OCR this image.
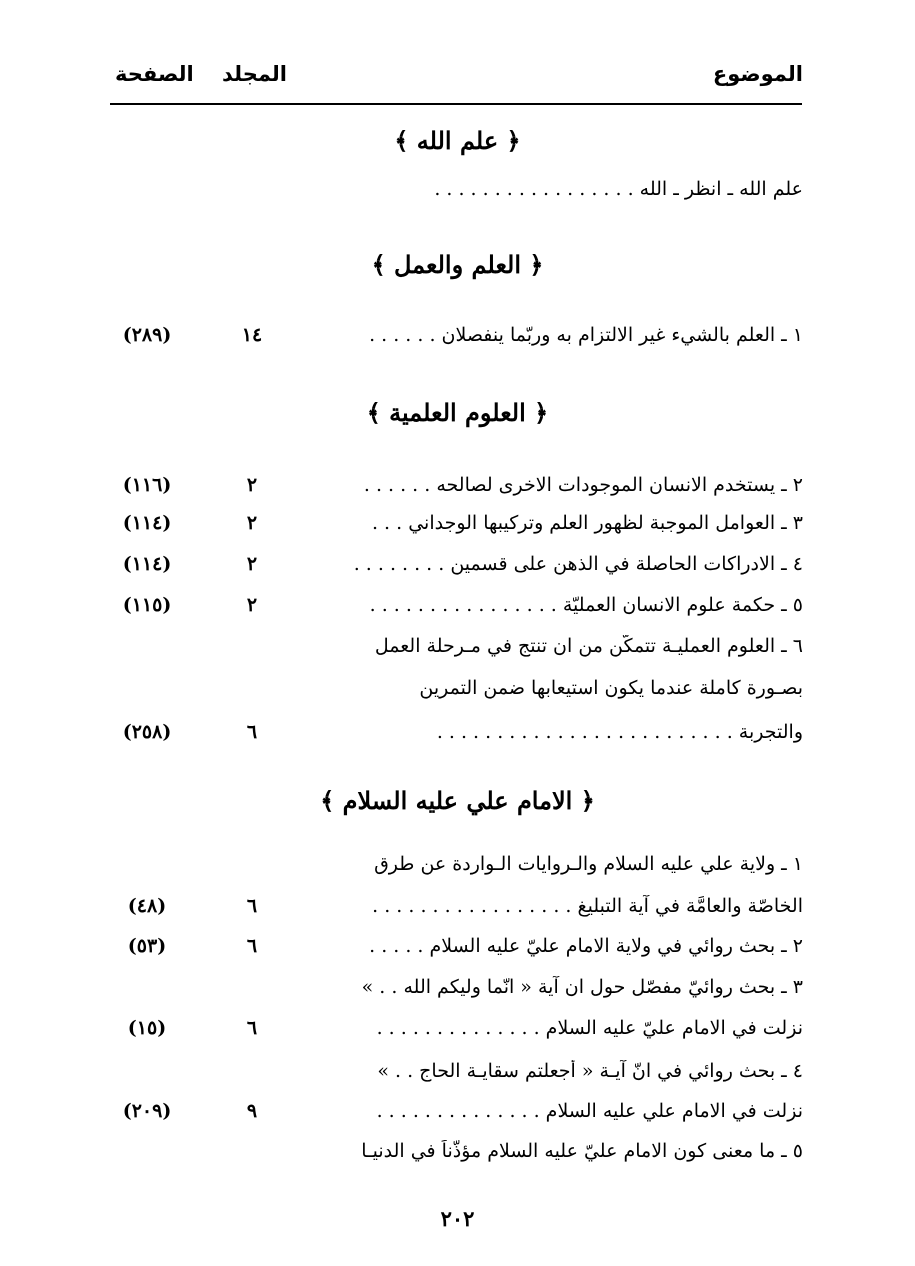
الموضوع
المجلد
الصفحة
﴿ علم الله ﴾
علم الله ـ انظر ـ الله . . . . . . . . . . . . . . . . .
﴿ العلم والعمل ﴾
١ ـ العلم بالشيء غير الالتزام به وربّما ينفصلان . . . . . .
١٤
(٢٨٩)
﴿ العلوم العلمية ﴾
٢ ـ يستخدم الانسان الموجودات الاخرى لصالحه . . . . . .
٢
(١١٦)
٣ ـ العوامل الموجبة لظهور العلم وتركيبها الوجداني . . .
٢
(١١٤)
٤ ـ الادراكات الحاصلة في الذهن على قسمين . . . . . . . .
٢
(١١٤)
٥ ـ حكمة علوم الانسان العمليّة . . . . . . . . . . . . . . . .
٢
(١١٥)
٦ ـ العلوم العمليـة تتمكّن من ان تنتج في مـرحلة العمل
بصـورة كاملة عندما يكون استيعابها ضمن التمرين
والتجربة . . . . . . . . . . . . . . . . . . . . . . . . .
٦
(٢٥٨)
﴿ الامام علي عليه السلام ﴾
١ ـ ولاية علي عليه السلام والـروايات الـواردة عن طرق
الخاصّة والعامَّة في آية التبليغ . . . . . . . . . . . . . . . . .
٦
(٤٨)
٢ ـ بحث روائي في ولاية الامام عليّ عليه السلام . . . . .
٦
(٥٣)
٣ ـ بحث روائيّ مفصّل حول ان آية « انّما وليكم الله . . »
نزلت في الامام عليّ عليه السلام . . . . . . . . . . . . . .
٦
(١٥)
٤ ـ بحث روائي في انّ آيـة « أجعلتم سقايـة الحاج . . »
نزلت في الامام علي عليه السلام . . . . . . . . . . . . . .
٩
(٢٠٩)
٥ ـ ما معنى كون الامام عليّ عليه السلام مؤذّناً في الدنيـا
٢٠٢
